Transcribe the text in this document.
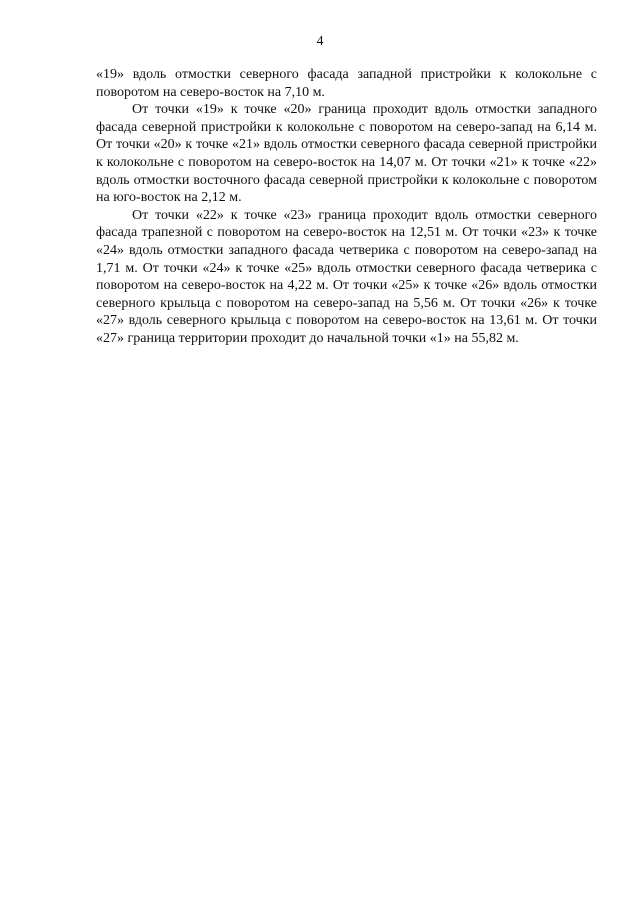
4

«19» вдоль отмостки северного фасада западной пристройки к колокольне с поворотом на северо-восток на 7,10 м.

От точки «19» к точке «20» граница проходит вдоль отмостки западного фасада северной пристройки к колокольне с поворотом на северо-запад на 6,14 м. От точки «20» к точке «21» вдоль отмостки северного фасада северной пристройки к колокольне с поворотом на северо-восток на 14,07 м. От точки «21» к точке «22» вдоль отмостки восточного фасада северной пристройки к колокольне с поворотом на юго-восток на 2,12 м.

От точки «22» к точке «23» граница проходит вдоль отмостки северного фасада трапезной с поворотом на северо-восток на 12,51 м. От точки «23» к точке «24» вдоль отмостки западного фасада четверика с поворотом на северо-запад на 1,71 м. От точки «24» к точке «25» вдоль отмостки северного фасада четверика с поворотом на северо-восток на 4,22 м. От точки «25» к точке «26» вдоль отмостки северного крыльца с поворотом на северо-запад на 5,56 м. От точки «26» к точке «27» вдоль северного крыльца с поворотом на северо-восток на 13,61 м. От точки «27» граница территории проходит до начальной точки «1» на 55,82 м.
